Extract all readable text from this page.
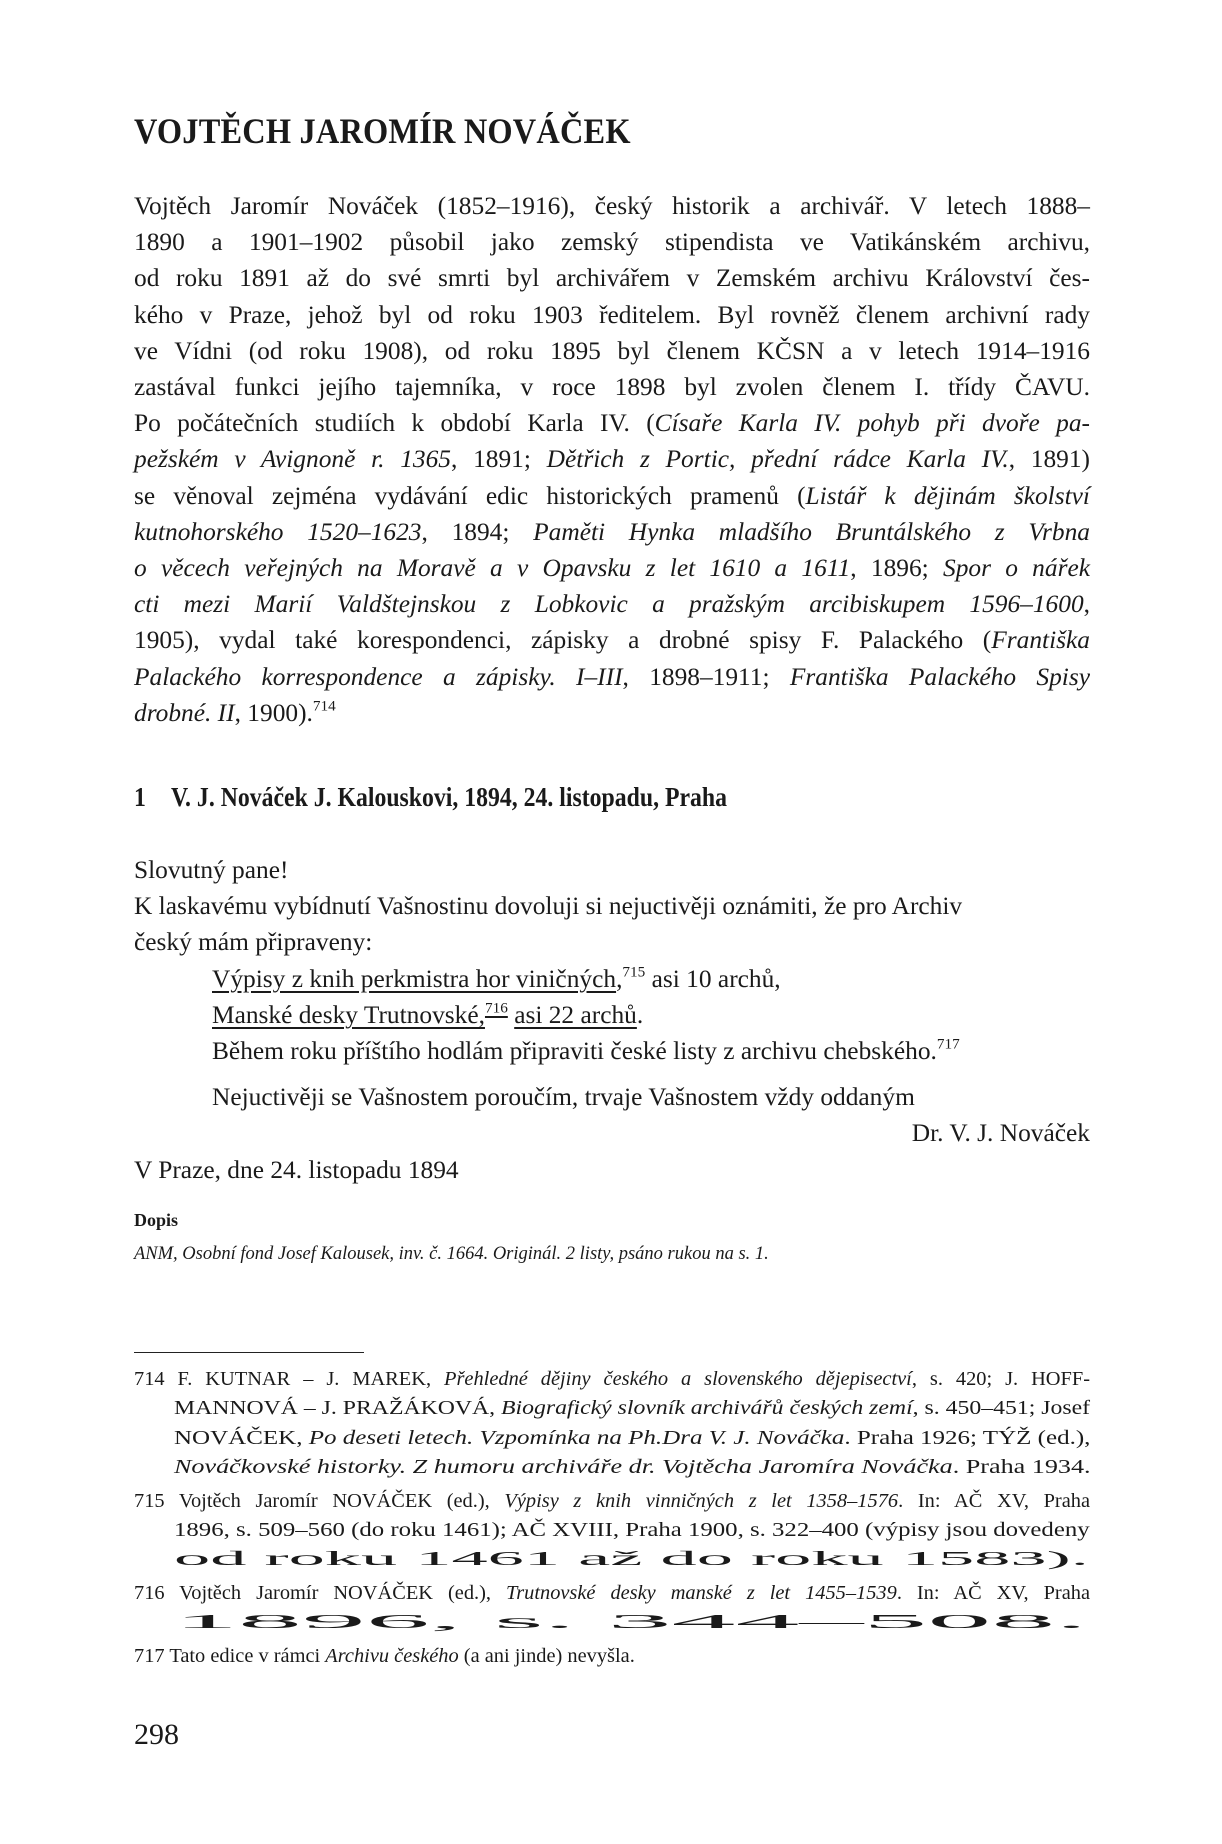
VOJTĚCH JAROMÍR NOVÁČEK
Vojtěch Jaromír Nováček (1852–1916), český historik a archivář. V letech 1888–
1890 a 1901–1902 působil jako zemský stipendista ve Vatikánském archivu,
od roku 1891 až do své smrti byl archivářem v Zemském archivu Království čes-
kého v Praze, jehož byl od roku 1903 ředitelem. Byl rovněž členem archivní rady
ve Vídni (od roku 1908), od roku 1895 byl členem KČSN a v letech 1914–1916
zastával funkci jejího tajemníka, v roce 1898 byl zvolen členem I. třídy ČAVU.
Po počátečních studiích k období Karla IV. (Císaře Karla IV. pohyb při dvoře pa-
pežském v Avignoně r. 1365, 1891; Dětřich z Portic, přední rádce Karla IV., 1891)
se věnoval zejména vydávání edic historických pramenů (Listář k dějinám školství
kutnohorského 1520–1623, 1894; Paměti Hynka mladšího Bruntálského z Vrbna
o věcech veřejných na Moravě a v Opavsku z let 1610 a 1611, 1896; Spor o nářek
cti mezi Marií Valdštejnskou z Lobkovic a pražským arcibiskupem 1596–1600,
1905), vydal také korespondenci, zápisky a drobné spisy F. Palackého (Františka
Palackého korrespondence a zápisky. I–III, 1898–1911; Františka Palackého Spisy
drobné. II, 1900).$^{714}$
1 V. J. Nováček J. Kalouskovi, 1894, 24. listopadu, Praha
Slovutný pane!
K laskavému vybídnutí Vašnostinu dovoluji si nejuctivěji oznámiti, že pro Archiv
český mám připraveny:
Výpisy z knih perkmistra hor viničných,$^{715}$ asi 10 archů,
Manské desky Trutnovské,$^{716}$ asi 22 archů.
Během roku příštího hodlám připraviti české listy z archivu chebského.$^{717}$
Nejuctivěji se Vašnostem poroučím, trvaje Vašnostem vždy oddaným
Dr. V. J. Nováček
V Praze, dne 24. listopadu 1894

Dopis

ANM, Osobní fond Josef Kalousek, inv. č. 1664. Originál. 2 listy, psáno rukou na s. 1.

714 F. KUTNAR – J. MAREK, Přehledné dějiny českého a slovenského dějepisectví, s. 420; J. HOFF-
MANNOVÁ – J. PRAŽÁKOVÁ, Biografický slovník archivářů českých zemí, s. 450–451; Josef
NOVÁČEK, Po deseti letech. Vzpomínka na Ph.Dra V. J. Nováčka. Praha 1926; TÝŽ (ed.),
Nováčkovské historky. Z humoru archiváře dr. Vojtěcha Jaromíra Nováčka. Praha 1934.
715 Vojtěch Jaromír NOVÁČEK (ed.), Výpisy z knih vinničných z let 1358–1576. In: AČ XV, Praha
1896, s. 509–560 (do roku 1461); AČ XVIII, Praha 1900, s. 322–400 (výpisy jsou dovedeny
od roku 1461 až do roku 1583).
716 Vojtěch Jaromír NOVÁČEK (ed.), Trutnovské desky manské z let 1455–1539. In: AČ XV, Praha
1896, s. 344–508.
717 Tato edice v rámci Archivu českého (a ani jinde) nevyšla.

298
